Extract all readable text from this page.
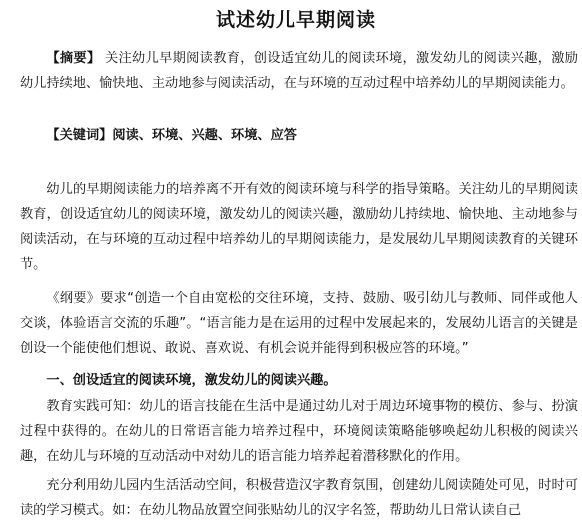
试述幼儿早期阅读

【摘要】 关注幼儿早期阅读教育，创设适宜幼儿的阅读环境，激发幼儿的阅读兴趣，激励幼儿持续地、愉快地、主动地参与阅读活动，在与环境的互动过程中培养幼儿的早期阅读能力。

【关键词】阅读、环境、兴趣、环境、应答

幼儿的早期阅读能力的培养离不开有效的阅读环境与科学的指导策略。关注幼儿的早期阅读教育，创设适宜幼儿的阅读环境，激发幼儿的阅读兴趣，激励幼儿持续地、愉快地、主动地参与阅读活动，在与环境的互动过程中培养幼儿的早期阅读能力，是发展幼儿早期阅读教育的关键环节。

《纲要》要求“创造一个自由宽松的交往环境，支持、鼓励、吸引幼儿与教师、同伴或他人交谈，体验语言交流的乐趣”。“语言能力是在运用的过程中发展起来的，发展幼儿语言的关键是创设一个能使他们想说、敢说、喜欢说、有机会说并能得到积极应答的环境。”

一、创设适宜的阅读环境，激发幼儿的阅读兴趣。

教育实践可知：幼儿的语言技能在生活中是通过幼儿对于周边环境事物的模仿、参与、扮演过程中获得的。在幼儿的日常语言能力培养过程中，环境阅读策略能够唤起幼儿积极的阅读兴趣，在幼儿与环境的互动活动中对幼儿的语言能力培养起着潜移默化的作用。

充分利用幼儿园内生活活动空间，积极营造汉字教育氛围，创建幼儿阅读随处可见，时时可读的学习模式。如：在幼儿物品放置空间张贴幼儿的汉字名签，帮助幼儿日常认读自己
